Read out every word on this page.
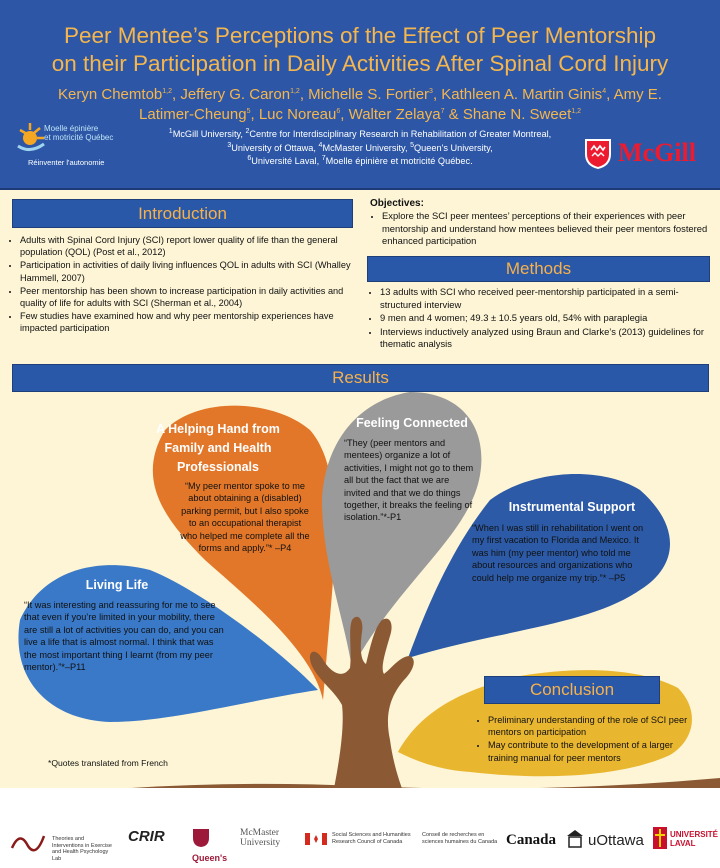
Peer Mentee’s Perceptions of the Effect of Peer Mentorship
on their Participation in Daily Activities After Spinal Cord Injury
Keryn Chemtob$^{1,2}$, Jeffery G. Caron$^{1,2}$, Michelle S. Fortier$^3$, Kathleen A. Martin Ginis$^4$, Amy E.
Latimer-Cheung$^5$, Luc Noreau$^6$, Walter Zelaya$^7$ & Shane N. Sweet$^{1,2}$
$^1$McGill University, $^2$Centre for Interdisciplinary Research in Rehabilitation of Greater Montreal,
$^3$University of Ottawa, $^4$McMaster University, $^5$Queen's University,
$^6$Université Laval, $^7$Moelle épinière et motricité Québec.
Moelle épinière
et motricité Québec
Réinventer l'autonomie	McGill
Introduction
• Adults with Spinal Cord Injury (SCI) report lower quality of life than the general population (QOL) (Post et al., 2012)
• Participation in activities of daily living influences QOL in adults with SCI (Whalley Hammell, 2007)
• Peer mentorship has been shown to increase participation in daily activities and quality of life for adults with SCI (Sherman et al., 2004)
• Few studies have examined how and why peer mentorship experiences have impacted participation
Objectives:
• Explore the SCI peer mentees’ perceptions of their experiences with peer mentorship and understand how mentees believed their peer mentors fostered enhanced participation
Methods
• 13 adults with SCI who received peer-mentorship participated in a semi-structured interview
• 9 men and 4 women; 49.3 ± 10.5 years old, 54% with paraplegia
• Interviews inductively analyzed using Braun and Clarke’s (2013) guidelines for thematic analysis
Results
A Helping Hand from Family and Health Professionals
“My peer mentor spoke to me about obtaining a (disabled) parking permit, but I also spoke to an occupational therapist who helped me complete all the forms and apply.”* –P4
Feeling Connected
“They (peer mentors and mentees) organize a lot of activities, I might not go to them all but the fact that we are invited and that we do things together, it breaks the feeling of isolation.”*-P1
Instrumental Support
“When I was still in rehabilitation I went on my first vacation to Florida and Mexico. It was him (my peer mentor) who told me about resources and organizations who could help me organize my trip.”* –P5
Living Life
“It was interesting and reassuring for me to see that even if you’re limited in your mobility, there are still a lot of activities you can do, and you can live a life that is almost normal. I think that was the most important thing I learnt (from my peer mentor).”*–P11
Conclusion
• Preliminary understanding of the role of SCI peer mentors on participation
• May contribute to the development of a larger training manual for peer mentors
*Quotes translated from French
Theories and Interventions in Exercise and Health Psychology Lab
CRIR
Queen's
McMaster University
Social Sciences and Humanities Research Council of Canada
Conseil de recherches en sciences humaines du Canada Canada uOttawa	UNIVERSITÉ LAVAL
